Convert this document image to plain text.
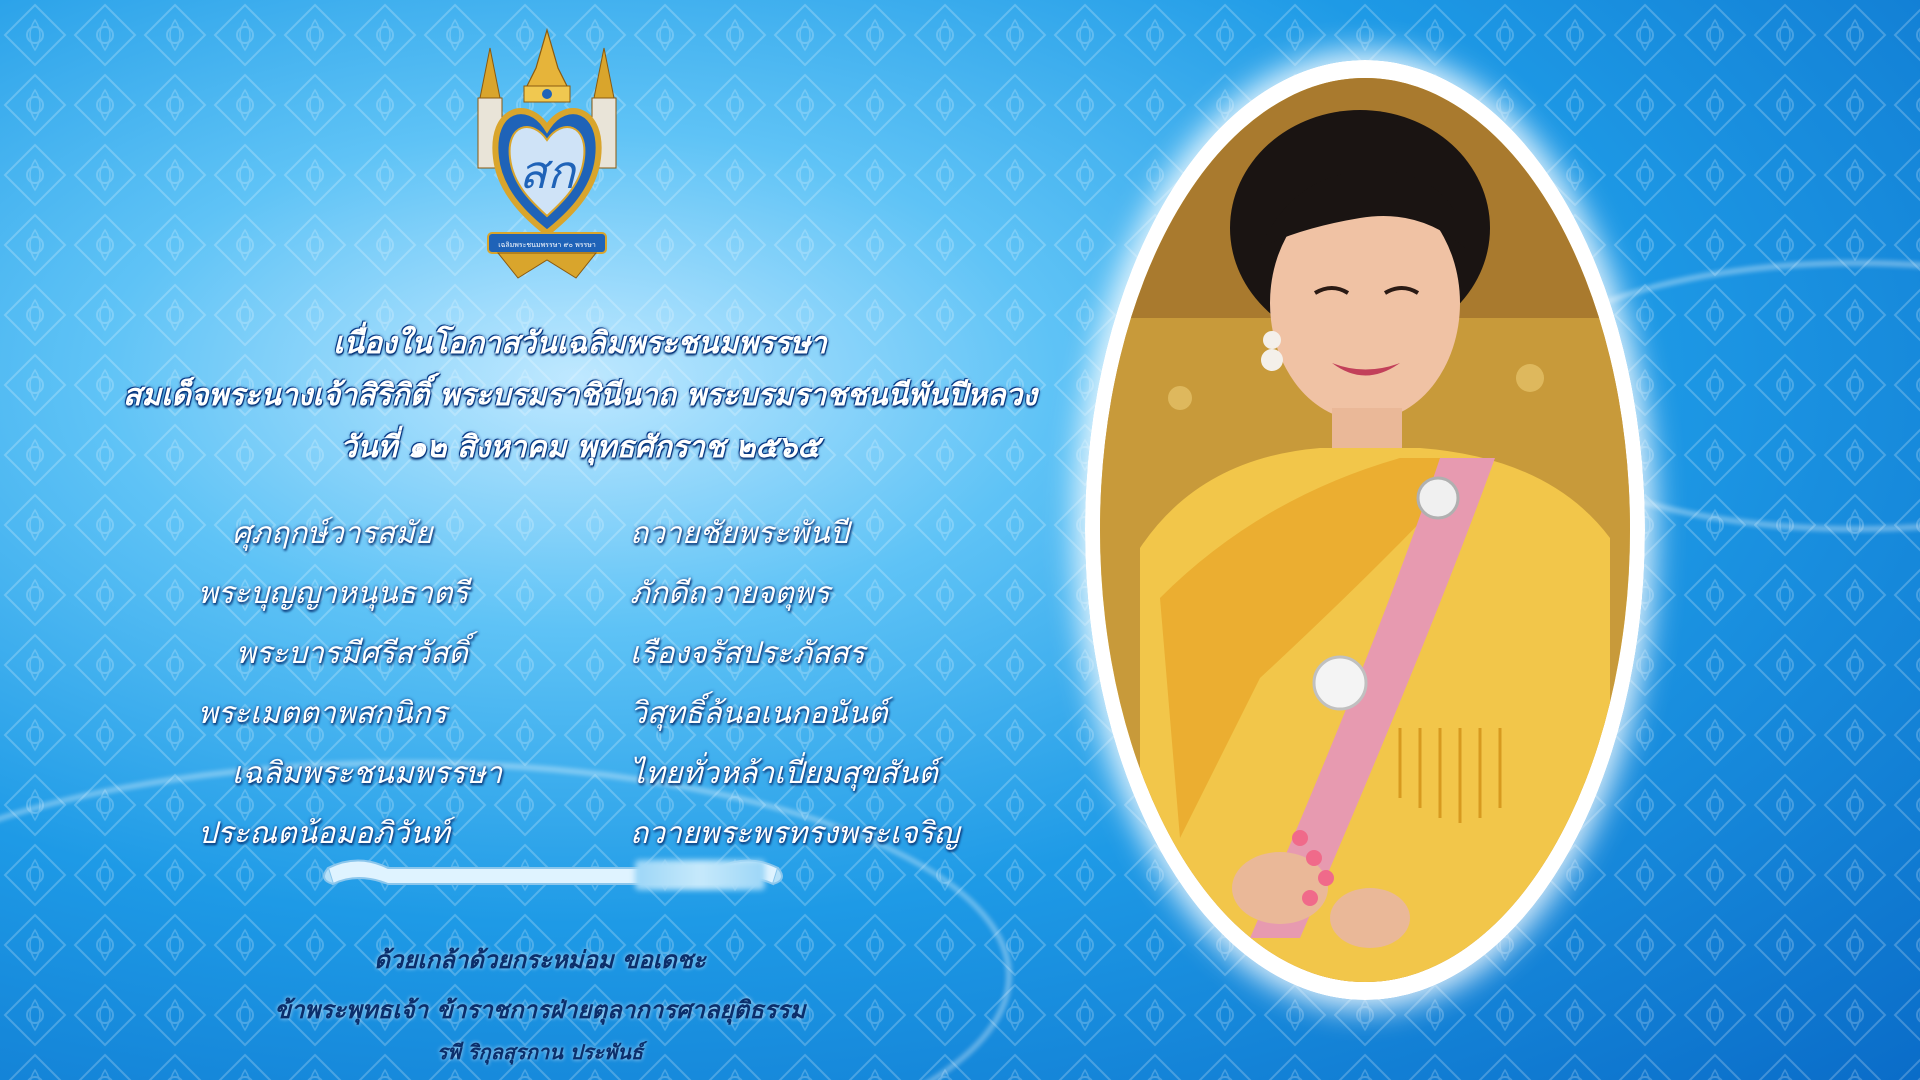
สก
เฉลิมพระชนมพรรษา ๙๐ พรรษา
เนื่องในโอกาสวันเฉลิมพระชนมพรรษา
สมเด็จพระนางเจ้าสิริกิติ์ พระบรมราชินีนาถ พระบรมราชชนนีพันปีหลวง
วันที่ ๑๒ สิงหาคม พุทธศักราช ๒๕๖๕
ศุภฤกษ์วารสมัย
พระบุญญาหนุนธาตรี
พระบารมีศรีสวัสดิ์
พระเมตตาพสกนิกร
เฉลิมพระชนมพรรษา
ประณตน้อมอภิวันท์
ถวายชัยพระพันปี
ภักดีถวายจตุพร
เรืองจรัสประภัสสร
วิสุทธิ์ล้นอเนกอนันต์
ไทยทั่วหล้าเปี่ยมสุขสันต์
ถวายพระพรทรงพระเจริญ
ด้วยเกล้าด้วยกระหม่อม ขอเดชะ
ข้าพระพุทธเจ้า ข้าราชการฝ่ายตุลาการศาลยุติธรรม
รพี ริกุลสุรกาน ประพันธ์
